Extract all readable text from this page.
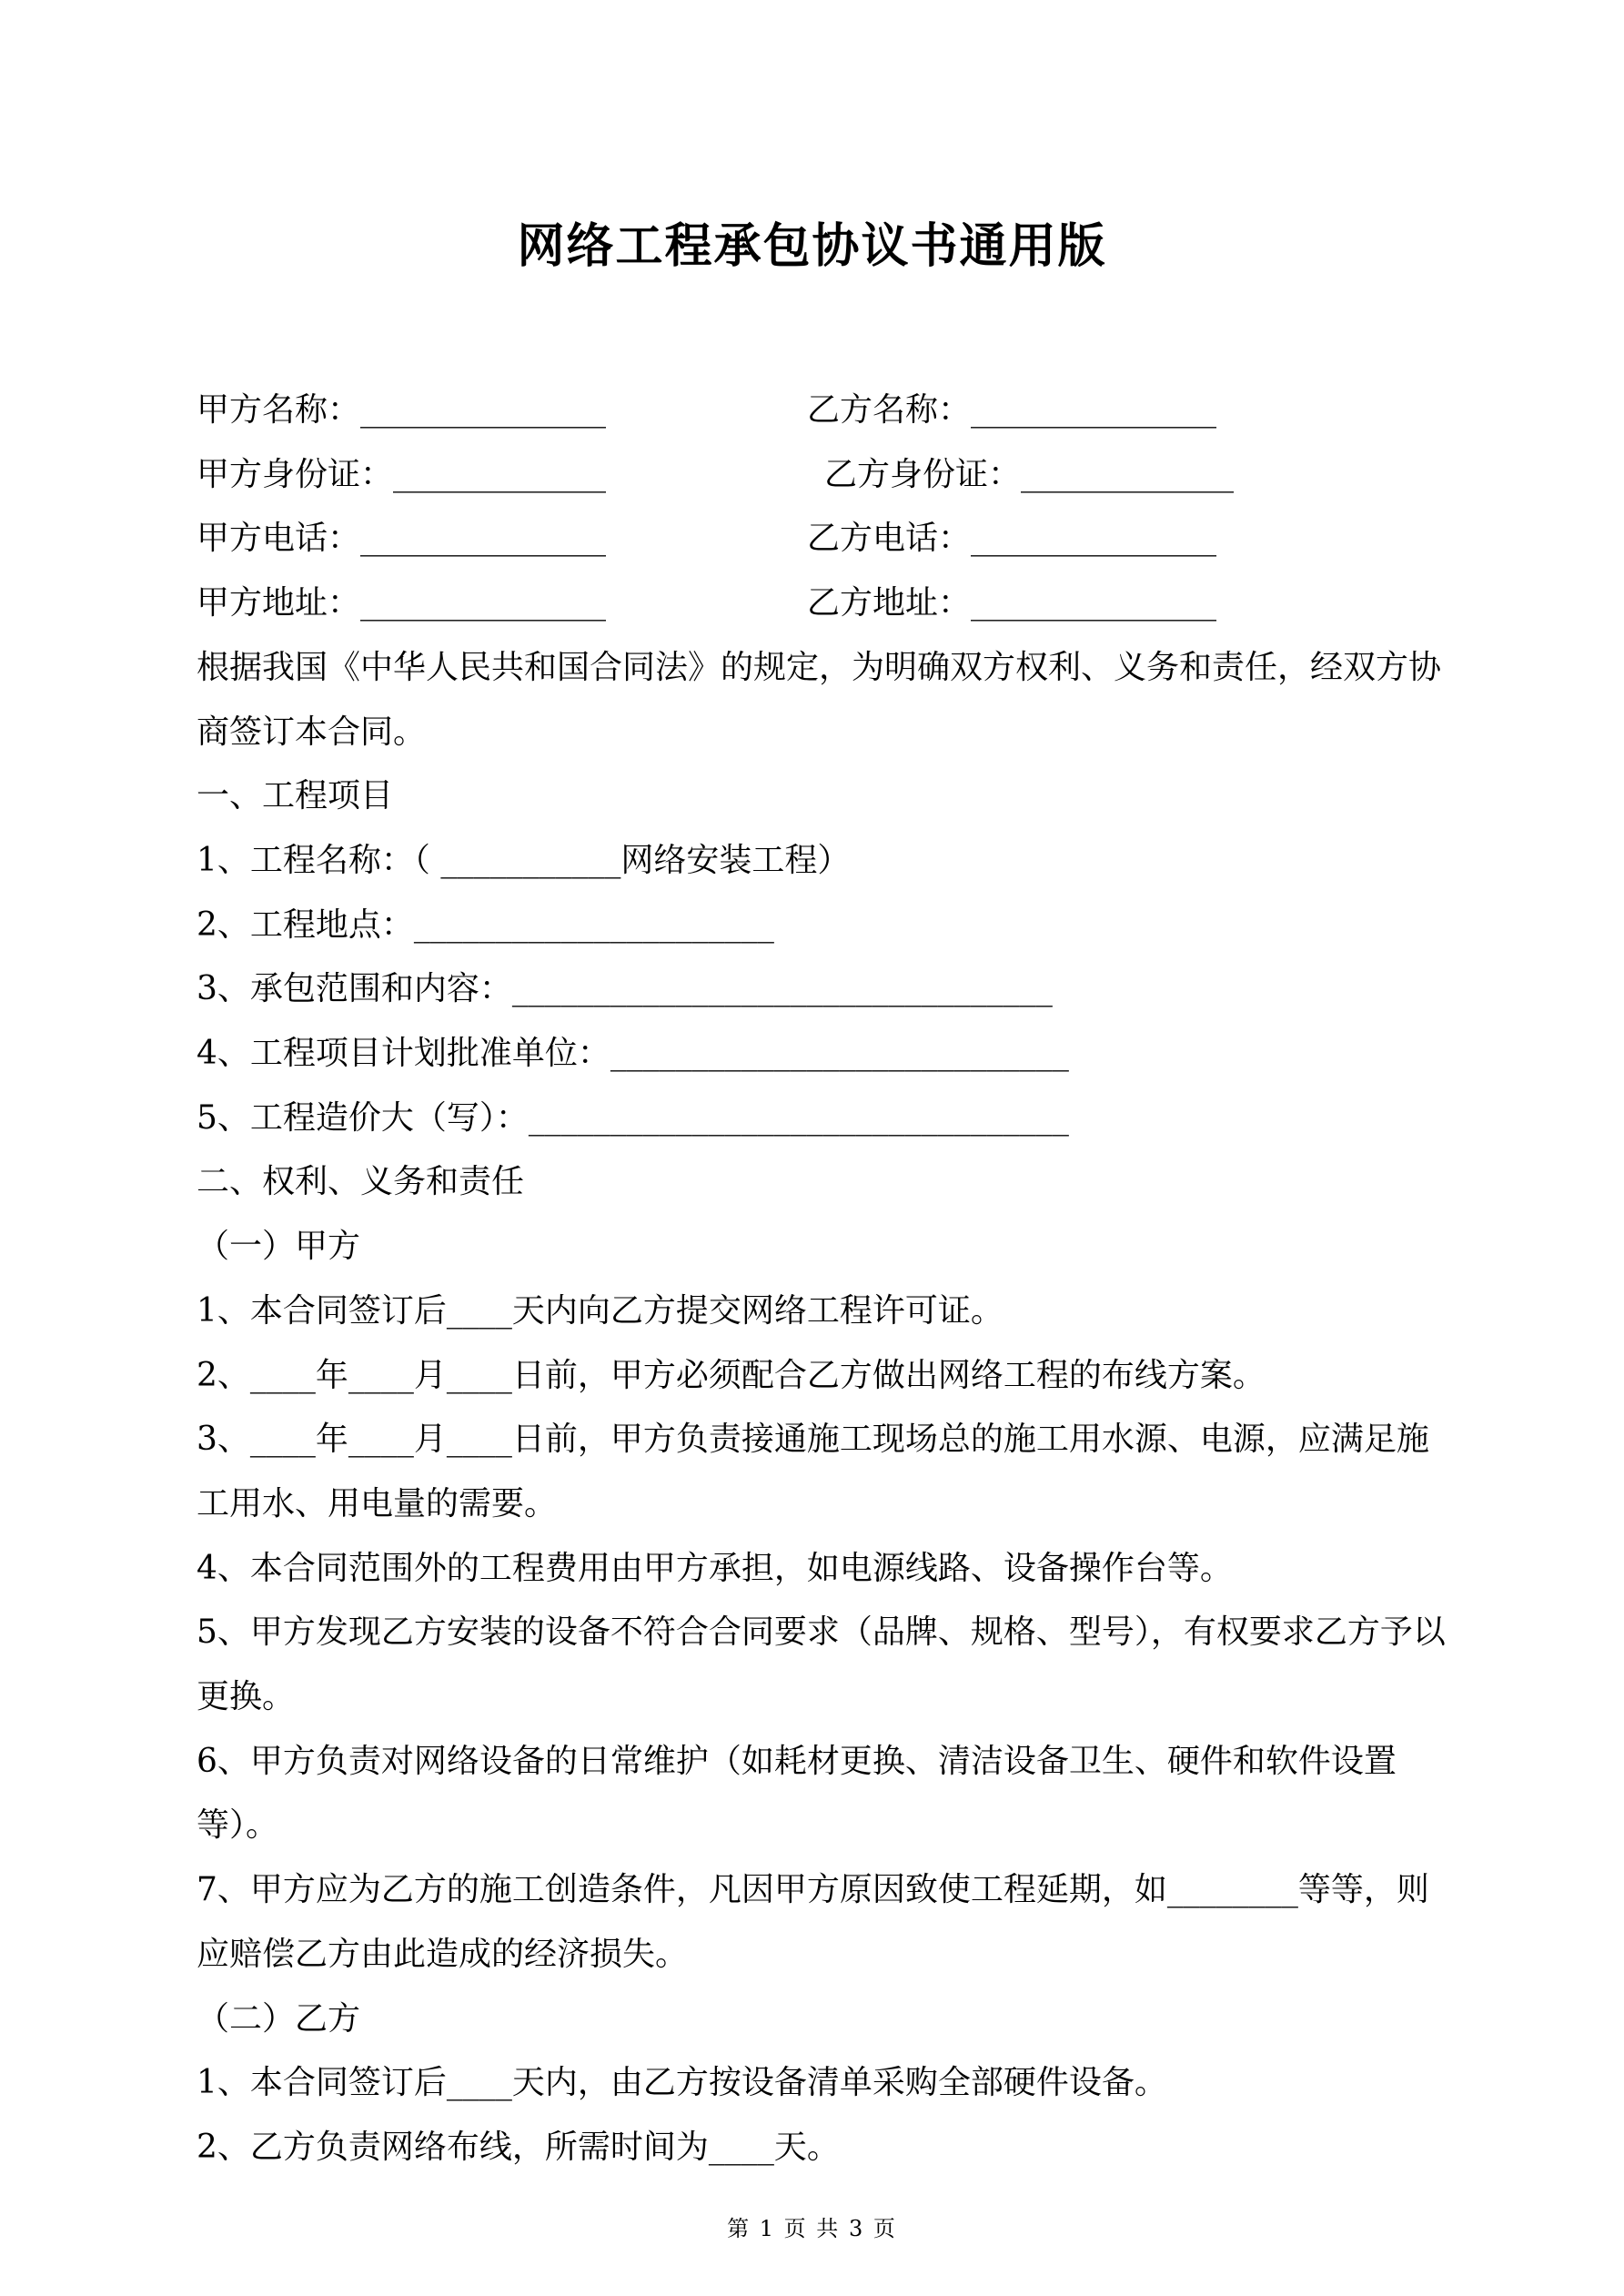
网络工程承包协议书通用版
甲方名称：_______________	乙方名称：_______________
甲方身份证：_____________	乙方身份证：_____________
甲方电话：_______________	乙方电话：_______________
甲方地址：_______________	乙方地址：_______________
根据我国《中华人民共和国合同法》的规定，为明确双方权利、义务和责任，经双方协
商签订本合同。
一、工程项目
1、工程名称：（ ___________网络安装工程）
2、工程地点：______________________
3、承包范围和内容：_________________________________
4、工程项目计划批准单位：____________________________
5、工程造价大（写）：_________________________________
二、权利、义务和责任
（一）甲方
1、本合同签订后____天内向乙方提交网络工程许可证。
2、____年____月____日前，甲方必须配合乙方做出网络工程的布线方案。
3、____年____月____日前，甲方负责接通施工现场总的施工用水源、电源，应满足施
工用水、用电量的需要。
4、本合同范围外的工程费用由甲方承担，如电源线路、设备操作台等。
5、甲方发现乙方安装的设备不符合合同要求（品牌、规格、型号），有权要求乙方予以
更换。
6、甲方负责对网络设备的日常维护（如耗材更换、清洁设备卫生、硬件和软件设置等）。
7、甲方应为乙方的施工创造条件，凡因甲方原因致使工程延期，如________等等，则
应赔偿乙方由此造成的经济损失。
（二）乙方
1、本合同签订后____天内，由乙方按设备清单采购全部硬件设备。
2、乙方负责网络布线，所需时间为____天。
第 1 页 共 3 页
